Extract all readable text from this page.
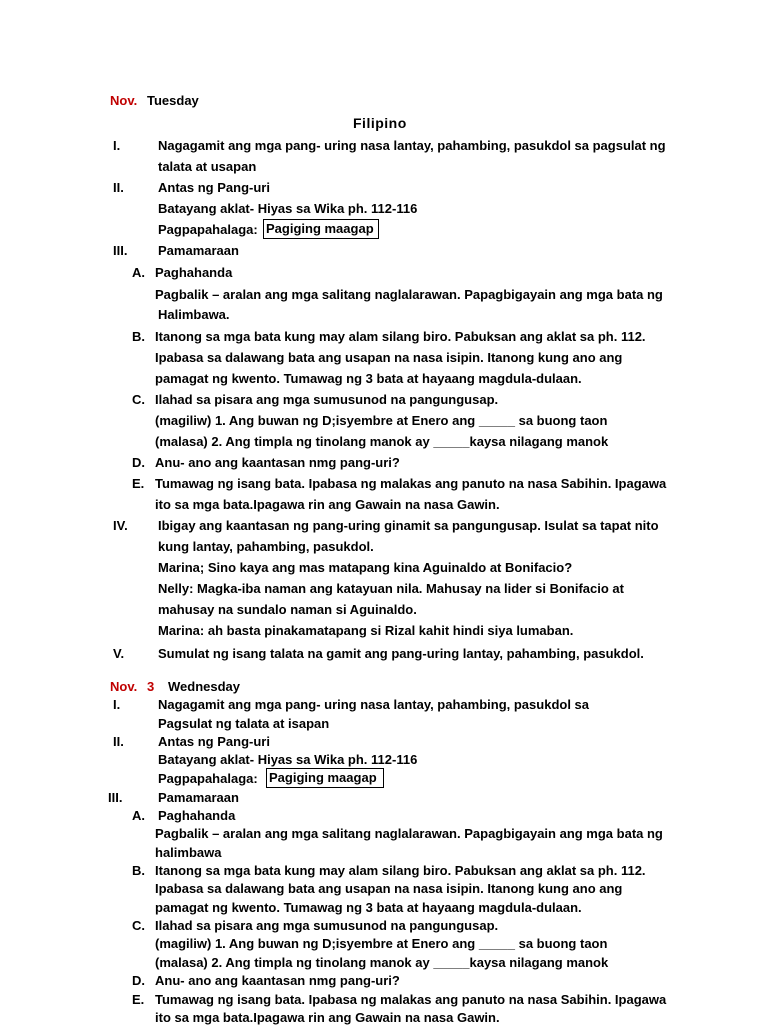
Nov. Tuesday
Filipino
I.	Nagagamit ang mga pang- uring nasa lantay, pahambing, pasukdol sa pagsulat ng
talata at usapan
II.	Antas ng Pang-uri
Batayang aklat- Hiyas sa Wika ph. 112-116
Pagpapahalaga: Pagiging maagap
III. Pamamaraan
A. Paghahanda
Pagbalik – aralan ang mga salitang naglalarawan. Papagbigayain ang mga bata ng
Halimbawa.
B. Itanong sa mga bata kung may alam silang biro. Pabuksan ang aklat sa ph. 112.
Ipabasa sa dalawang bata ang usapan na nasa isipin. Itanong kung ano ang
pamagat ng kwento. Tumawag ng 3 bata at hayaang magdula-dulaan.
C. Ilahad sa pisara ang mga sumusunod na pangungusap.
(magiliw) 1. Ang buwan ng D;isyembre at Enero ang _____ sa buong taon
(malasa) 2. Ang timpla ng tinolang manok ay _____kaysa nilagang manok
D. Anu- ano ang kaantasan nmg pang-uri?
E. Tumawag ng isang bata. Ipabasa ng malakas ang panuto na nasa Sabihin. Ipagawa
ito sa mga bata.Ipagawa rin ang Gawain na nasa Gawin.
IV. Ibigay ang kaantasan ng pang-uring ginamit sa pangungusap. Isulat sa tapat nito
kung lantay, pahambing, pasukdol.
Marina; Sino kaya ang mas matapang kina Aguinaldo at Bonifacio?
Nelly: Magka-iba naman ang katayuan nila. Mahusay na lider si Bonifacio at
mahusay na sundalo naman si Aguinaldo.
Marina: ah basta pinakamatapang si Rizal kahit hindi siya lumaban.
V.	Sumulat ng isang talata na gamit ang pang-uring lantay, pahambing, pasukdol.
Nov. 3 Wednesday
I.	Nagagamit ang mga pang- uring nasa lantay, pahambing, pasukdol sa
Pagsulat ng talata at isapan
II.	Antas ng Pang-uri
Batayang aklat- Hiyas sa Wika ph. 112-116
Pagpapahalaga: Pagiging maagap
III.	Pamamaraan
A. Paghahanda
Pagbalik – aralan ang mga salitang naglalarawan. Papagbigayain ang mga bata ng
halimbawa
B. Itanong sa mga bata kung may alam silang biro. Pabuksan ang aklat sa ph. 112.
Ipabasa sa dalawang bata ang usapan na nasa isipin. Itanong kung ano ang
pamagat ng kwento. Tumawag ng 3 bata at hayaang magdula-dulaan.
C. Ilahad sa pisara ang mga sumusunod na pangungusap.
(magiliw) 1. Ang buwan ng D;isyembre at Enero ang _____ sa buong taon
(malasa) 2. Ang timpla ng tinolang manok ay _____kaysa nilagang manok
D. Anu- ano ang kaantasan nmg pang-uri?
E. Tumawag ng isang bata. Ipabasa ng malakas ang panuto na nasa Sabihin. Ipagawa
ito sa mga bata.Ipagawa rin ang Gawain na nasa Gawin.
